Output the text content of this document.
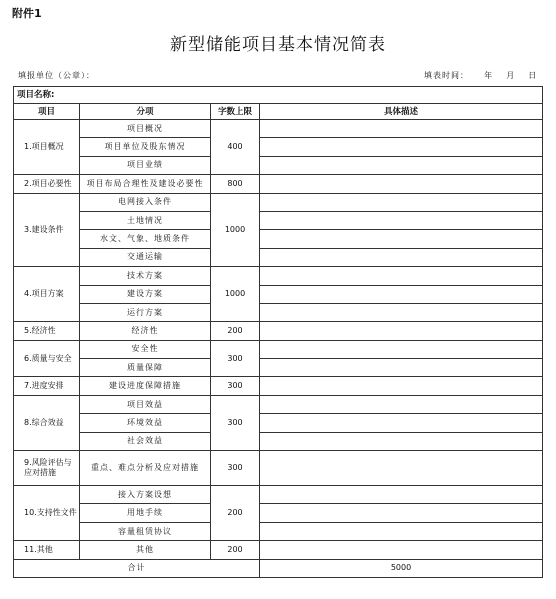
附件1
新型储能项目基本情况简表
填报单位（公章）：	填表时间： 年 月 日
项目名称:			
项目	分项	字数上限	具体描述
1.项目概况	项目概况	400	
	项目单位及股东情况		
	项目业绩		
2.项目必要性	项目布局合理性及建设必要性	800	
3.建设条件	电网接入条件	1000	
	土地情况		
	水文、气象、地质条件		
	交通运输		
4.项目方案	技术方案	1000	
	建设方案		
	运行方案		
5.经济性	经济性	200	
6.质量与安全	安全性	300	
	质量保障		
7.进度安排	建设进度保障措施	300	
8.综合效益	项目效益	300	
	环境效益		
	社会效益		
9.风险评估与应对措施	重点、难点分析及应对措施	300	
10.支持性文件	接入方案设想	200	
	用地手续		
	容量租赁协议		
11.其他	其他	200	
合计			5000
